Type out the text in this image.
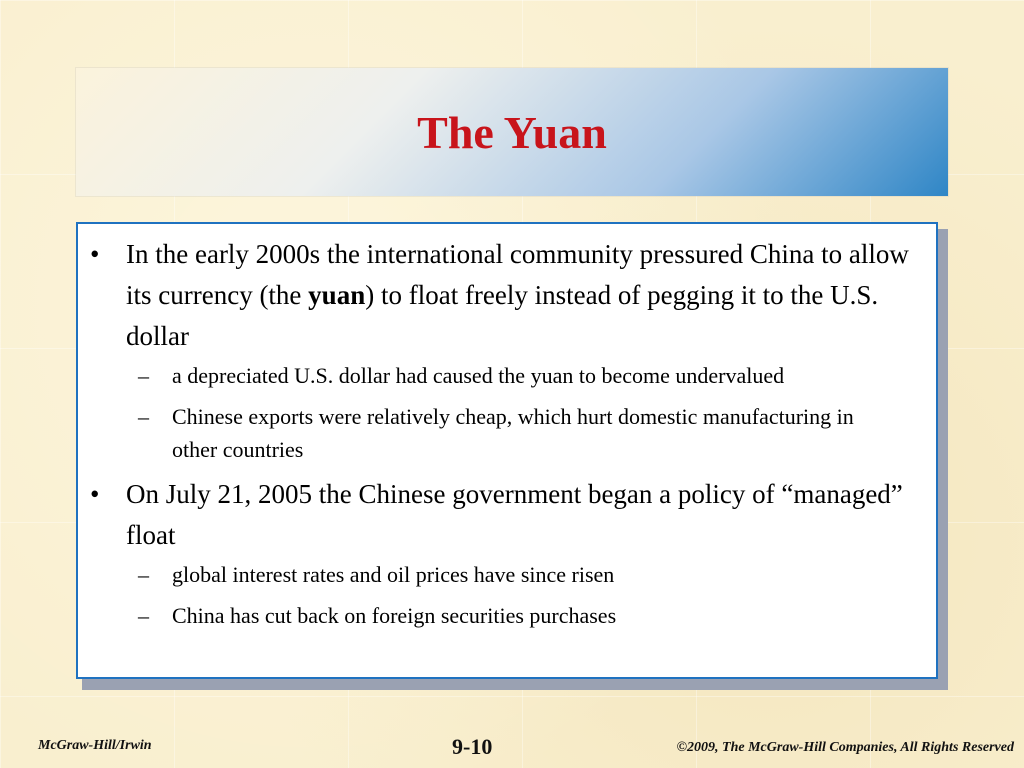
The Yuan
• In the early 2000s the international community pressured China to allow its currency (the yuan) to float freely instead of pegging it to the U.S. dollar
– a depreciated U.S. dollar had caused the yuan to become undervalued
– Chinese exports were relatively cheap, which hurt domestic manufacturing in other countries
• On July 21, 2005 the Chinese government began a policy of “managed” float
– global interest rates and oil prices have since risen
– China has cut back on foreign securities purchases
McGraw-Hill/Irwin	9-10	©2009, The McGraw-Hill Companies, All Rights Reserved
